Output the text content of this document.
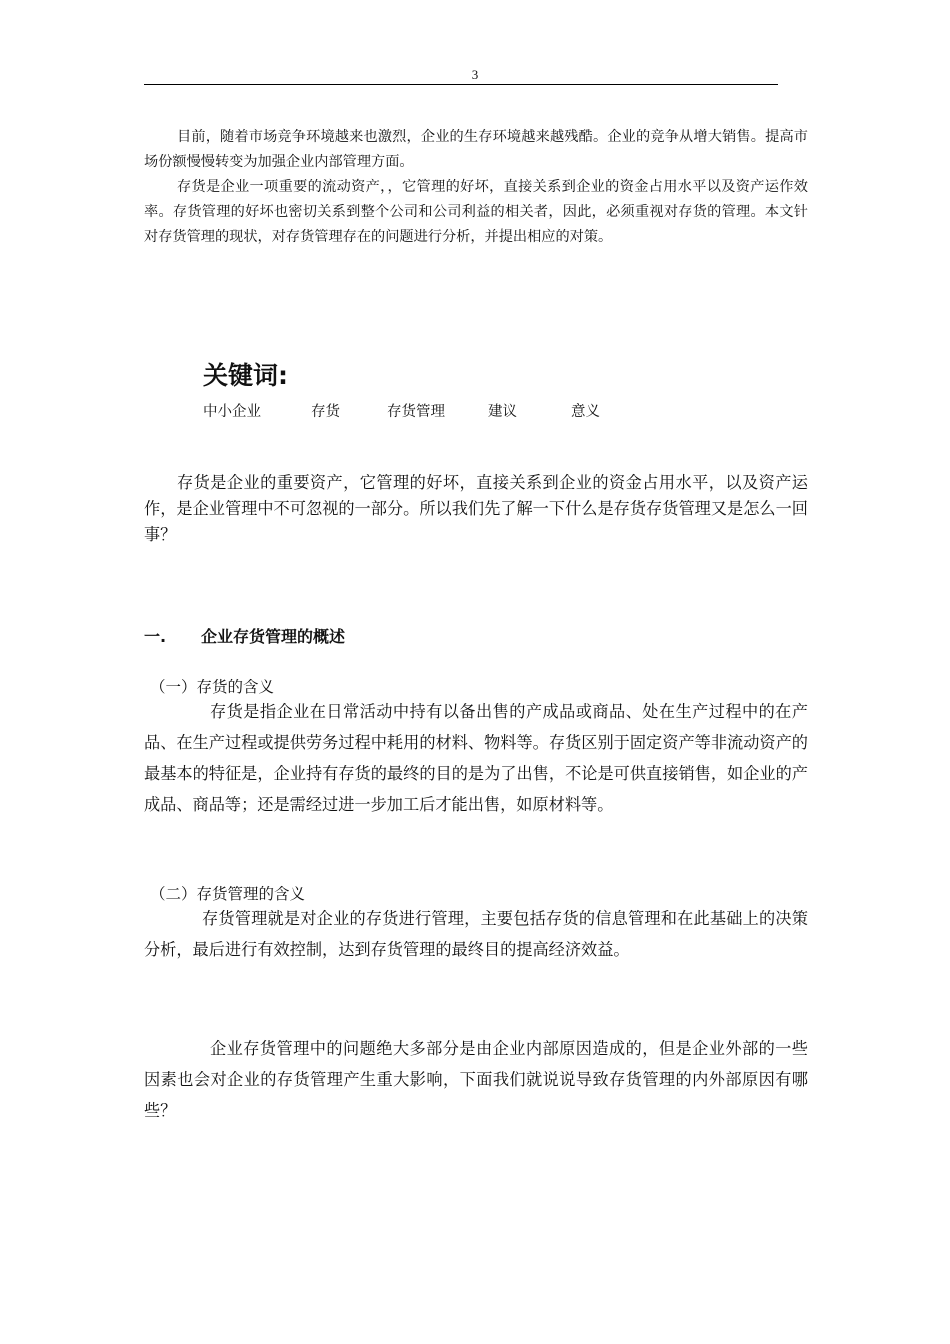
3

目前，随着市场竞争环境越来也激烈，企业的生存环境越来越残酷。企业的竞争从增大销售。提高市场份额慢慢转变为加强企业内部管理方面。

存货是企业一项重要的流动资产，，它管理的好坏，直接关系到企业的资金占用水平以及资产运作效率。存货管理的好坏也密切关系到整个公司和公司利益的相关者，因此，必须重视对存货的管理。本文针对存货管理的现状，对存货管理存在的问题进行分析，并提出相应的对策。

关键词:
中小企业	存货	存货管理	建议	意义

存货是企业的重要资产，它管理的好坏，直接关系到企业的资金占用水平，以及资产运作，是企业管理中不可忽视的一部分。所以我们先了解一下什么是存货存货管理又是怎么一回事？

一. 企业存货管理的概述

（一）存货的含义

存货是指企业在日常活动中持有以备出售的产成品或商品、处在生产过程中的在产品、在生产过程或提供劳务过程中耗用的材料、物料等。存货区别于固定资产等非流动资产的最基本的特征是，企业持有存货的最终的目的是为了出售，不论是可供直接销售，如企业的产成品、商品等；还是需经过进一步加工后才能出售，如原材料等。

（二）存货管理的含义

存货管理就是对企业的存货进行管理，主要包括存货的信息管理和在此基础上的决策分析，最后进行有效控制，达到存货管理的最终目的提高经济效益。

企业存货管理中的问题绝大多部分是由企业内部原因造成的，但是企业外部的一些因素也会对企业的存货管理产生重大影响，下面我们就说说导致存货管理的内外部原因有哪些？
